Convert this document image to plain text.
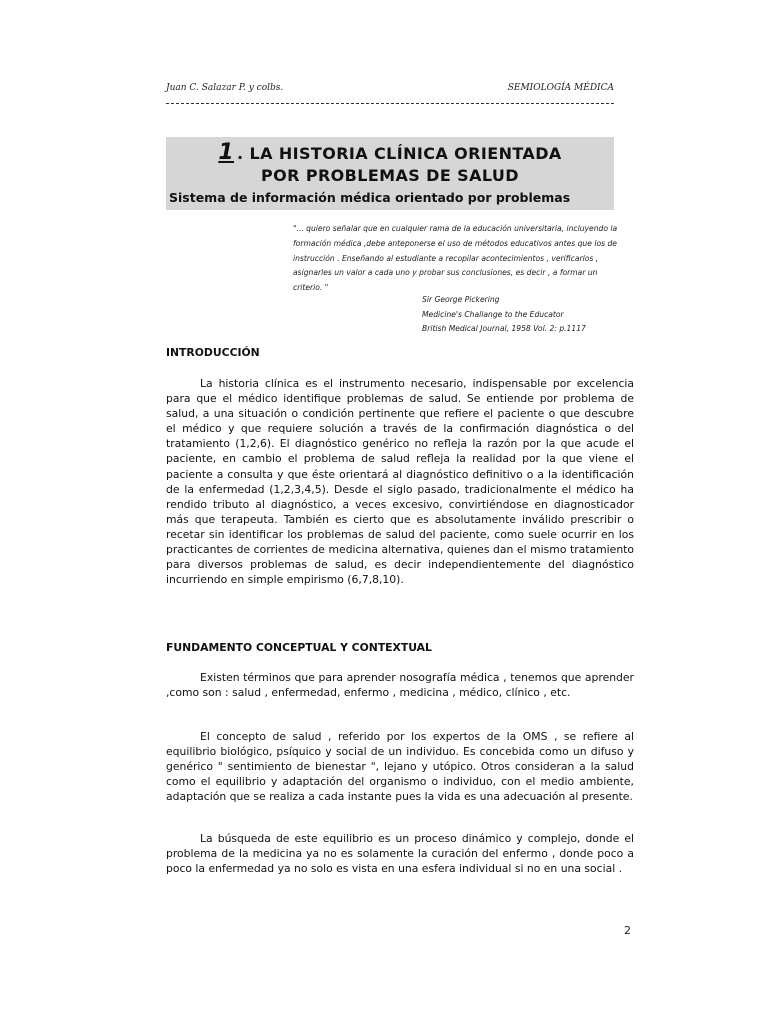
Juan C. Salazar P. y colbs.	SEMIOLOGÍA MÉDICA
1 . LA HISTORIA CLÍNICA ORIENTADA
POR PROBLEMAS DE SALUD
Sistema de información médica orientado por problemas
"... quiero señalar que en cualquier rama de la educación universitaria, incluyendo la formación médica ,debe anteponerse el uso de métodos educativos antes que los de instrucción . Enseñando al estudiante a recopilar acontecimientos , verificarlos , asignarles un valor a cada uno y probar sus conclusiones, es decir , a formar un criterio. "
Sir George Pickering
Medicine's Challange to the Educator
British Medical Journal, 1958 Vol. 2: p.1117
INTRODUCCIÓN

La historia clínica es el instrumento necesario, indispensable por excelencia para que el médico identifique problemas de salud. Se entiende por problema de salud, a una situación o condición pertinente que refiere el paciente o que descubre el médico y que requiere solución a través de la confirmación diagnóstica o del tratamiento (1,2,6). El diagnóstico genérico no refleja la razón por la que acude el paciente, en cambio el problema de salud refleja la realidad por la que viene el paciente a consulta y que éste orientará al diagnóstico definitivo o a la identificación de la enfermedad (1,2,3,4,5). Desde el siglo pasado, tradicionalmente el médico ha rendido tributo al diagnóstico, a veces excesivo, convirtiéndose en diagnosticador más que terapeuta. También es cierto que es absolutamente inválido prescribir o recetar sin identificar los problemas de salud del paciente, como suele ocurrir en los practicantes de corrientes de medicina alternativa, quienes dan el mismo tratamiento para diversos problemas de salud, es decir independientemente del diagnóstico incurriendo en simple empirismo (6,7,8,10).

FUNDAMENTO CONCEPTUAL Y CONTEXTUAL

Existen términos que para aprender nosografía médica , tenemos que aprender ,como son : salud , enfermedad, enfermo , medicina , médico, clínico , etc.

El concepto de salud , referido por los expertos de la OMS , se refiere al equilibrio biológico, psíquico y social de un individuo. Es concebida como un difuso y genérico " sentimiento de bienestar ", lejano y utópico. Otros consideran a la salud como el equilibrio y adaptación del organismo o individuo, con el medio ambiente, adaptación que se realiza a cada instante pues la vida es una adecuación al presente.

La búsqueda de este equilibrio es un proceso dinámico y complejo, donde el problema de la medicina ya no es solamente la curación del enfermo , donde poco a poco la enfermedad ya no solo es vista en una esfera individual si no en una social .

2
